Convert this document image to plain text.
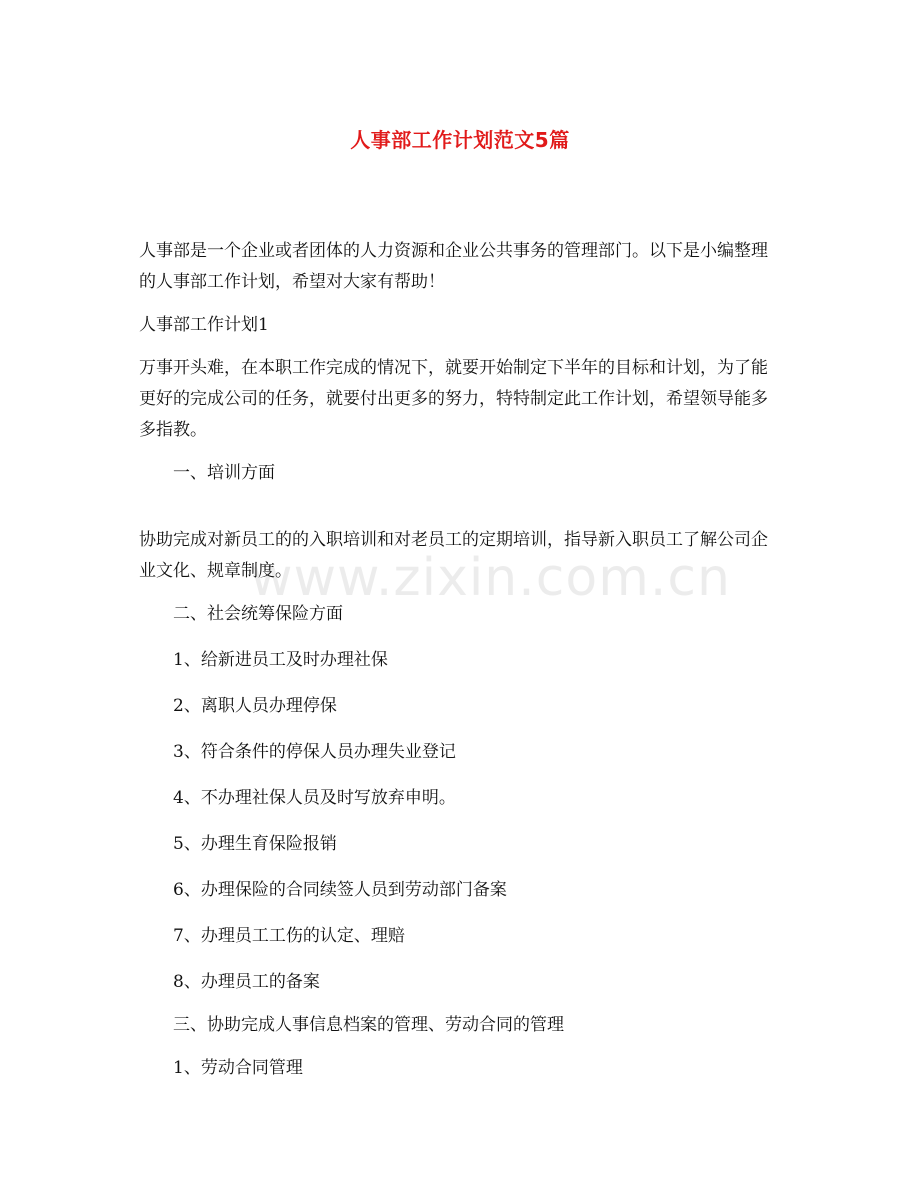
人事部工作计划范文5篇
www.zixin.com.cn

人事部是一个企业或者团体的人力资源和企业公共事务的管理部门。以下是小编整理的人事部工作计划，希望对大家有帮助！

人事部工作计划1

万事开头难，在本职工作完成的情况下，就要开始制定下半年的目标和计划，为了能更好的完成公司的任务，就要付出更多的努力，特特制定此工作计划，希望领导能多多指教。

一、培训方面

协助完成对新员工的的入职培训和对老员工的定期培训，指导新入职员工了解公司企业文化、规章制度。

二、社会统筹保险方面

1、给新进员工及时办理社保

2、离职人员办理停保

3、符合条件的停保人员办理失业登记

4、不办理社保人员及时写放弃申明。

5、办理生育保险报销

6、办理保险的合同续签人员到劳动部门备案

7、办理员工工伤的认定、理赔

8、办理员工的备案

三、协助完成人事信息档案的管理、劳动合同的管理

1、劳动合同管理
